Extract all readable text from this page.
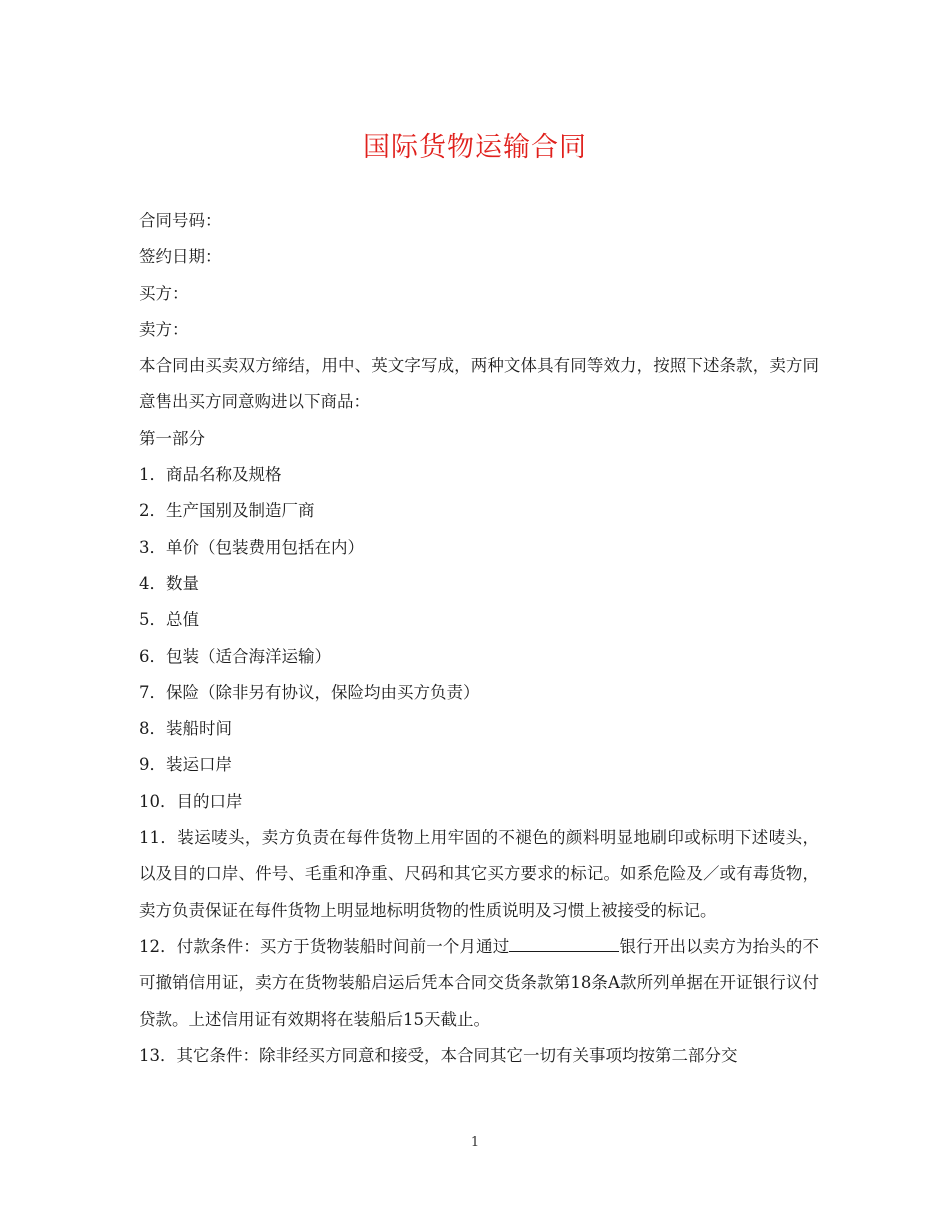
国际货物运输合同

合同号码：

签约日期：

买方：

卖方：

本合同由买卖双方缔结，用中、英文字写成，两种文体具有同等效力，按照下述条款，卖方同意售出买方同意购进以下商品：

第一部分

1．商品名称及规格

2．生产国别及制造厂商

3．单价（包装费用包括在内）

4．数量

5．总值

6．包装（适合海洋运输）

7．保险（除非另有协议，保险均由买方负责）

8．装船时间

9．装运口岸

10．目的口岸

11．装运唛头，卖方负责在每件货物上用牢固的不褪色的颜料明显地刷印或标明下述唛头，以及目的口岸、件号、毛重和净重、尺码和其它买方要求的标记。如系危险及／或有毒货物，卖方负责保证在每件货物上明显地标明货物的性质说明及习惯上被接受的标记。

12．付款条件：买方于货物装船时间前一个月通过	银行开出以卖方为抬头的不可撤销信用证，卖方在货物装船启运后凭本合同交货条款第18条A款所列单据在开证银行议付贷款。上述信用证有效期将在装船后15天截止。

13．其它条件：除非经买方同意和接受，本合同其它一切有关事项均按第二部分交

1
